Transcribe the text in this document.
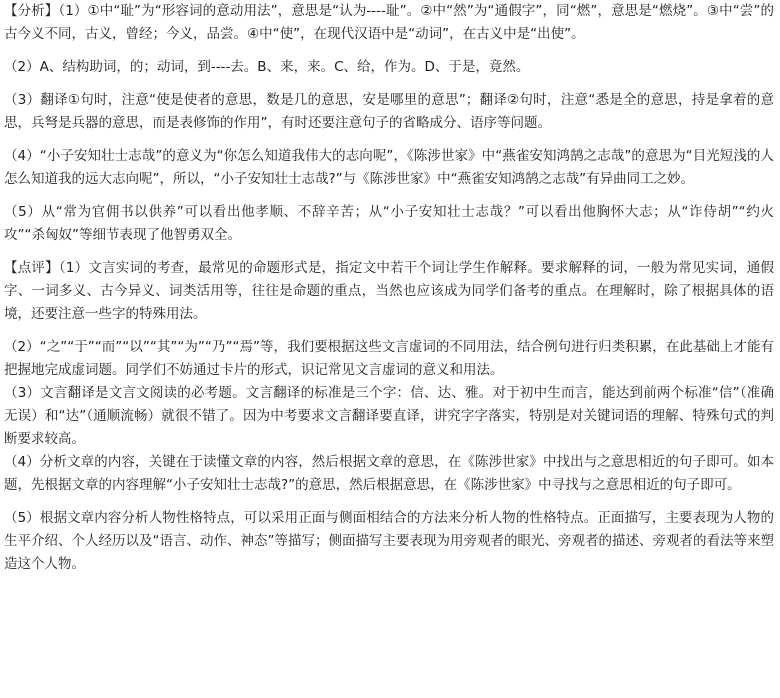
【分析】（1）①中“耻”为“形容词的意动用法”，意思是“认为----耻”。②中“然”为“通假字”，同“燃”，意思是“燃烧”。③中“尝”的古今义不同，古义，曾经；今义，品尝。④中“使”，在现代汉语中是“动词”，在古义中是“出使”。

（2）A、结构助词，的；动词，到----去。B、来，来。C、给，作为。D、于是，竟然。

（3）翻译①句时，注意“使是使者的意思，数是几的意思，安是哪里的意思”；翻译②句时，注意“悉是全的意思，持是拿着的意思，兵弩是兵器的意思，而是表修饰的作用”，有时还要注意句子的省略成分、语序等问题。

（4）“小子安知壮士志哉”的意义为“你怎么知道我伟大的志向呢”，《陈涉世家》中“燕雀安知鸿鹄之志哉”的意思为“目光短浅的人怎么知道我的远大志向呢”，所以，“小子安知壮士志哉?”与《陈涉世家》中“燕雀安知鸿鹄之志哉”有异曲同工之妙。

（5）从“常为官佣书以供养”可以看出他孝顺、不辞辛苦；从“小子安知壮士志哉？”可以看出他胸怀大志；从“诈侍胡”“约火攻”“杀匈奴”等细节表现了他智勇双全。

【点评】（1）文言实词的考查，最常见的命题形式是，指定文中若干个词让学生作解释。要求解释的词，一般为常见实词，通假字、一词多义、古今异义、词类活用等，往往是命题的重点，当然也应该成为同学们备考的重点。在理解时，除了根据具体的语境，还要注意一些字的特殊用法。

（2）“之”“于”“而”“以”“其”“为”“乃”“焉”等，我们要根据这些文言虚词的不同用法，结合例句进行归类积累，在此基础上才能有把握地完成虚词题。同学们不妨通过卡片的形式，识记常见文言虚词的意义和用法。

（3）文言翻译是文言文阅读的必考题。文言翻译的标准是三个字：信、达、雅。对于初中生而言，能达到前两个标准“信”（准确无误）和“达”（通顺流畅）就很不错了。因为中考要求文言翻译要直译，讲究字字落实，特别是对关键词语的理解、特殊句式的判断要求较高。

（4）分析文章的内容，关键在于读懂文章的内容，然后根据文章的意思，在《陈涉世家》中找出与之意思相近的句子即可。如本题，先根据文章的内容理解“小子安知壮士志哉?”的意思，然后根据意思，在《陈涉世家》中寻找与之意思相近的句子即可。

（5）根据文章内容分析人物性格特点，可以采用正面与侧面相结合的方法来分析人物的性格特点。正面描写，主要表现为人物的生平介绍、个人经历以及“语言、动作、神态”等描写；侧面描写主要表现为用旁观者的眼光、旁观者的描述、旁观者的看法等来塑造这个人物。
